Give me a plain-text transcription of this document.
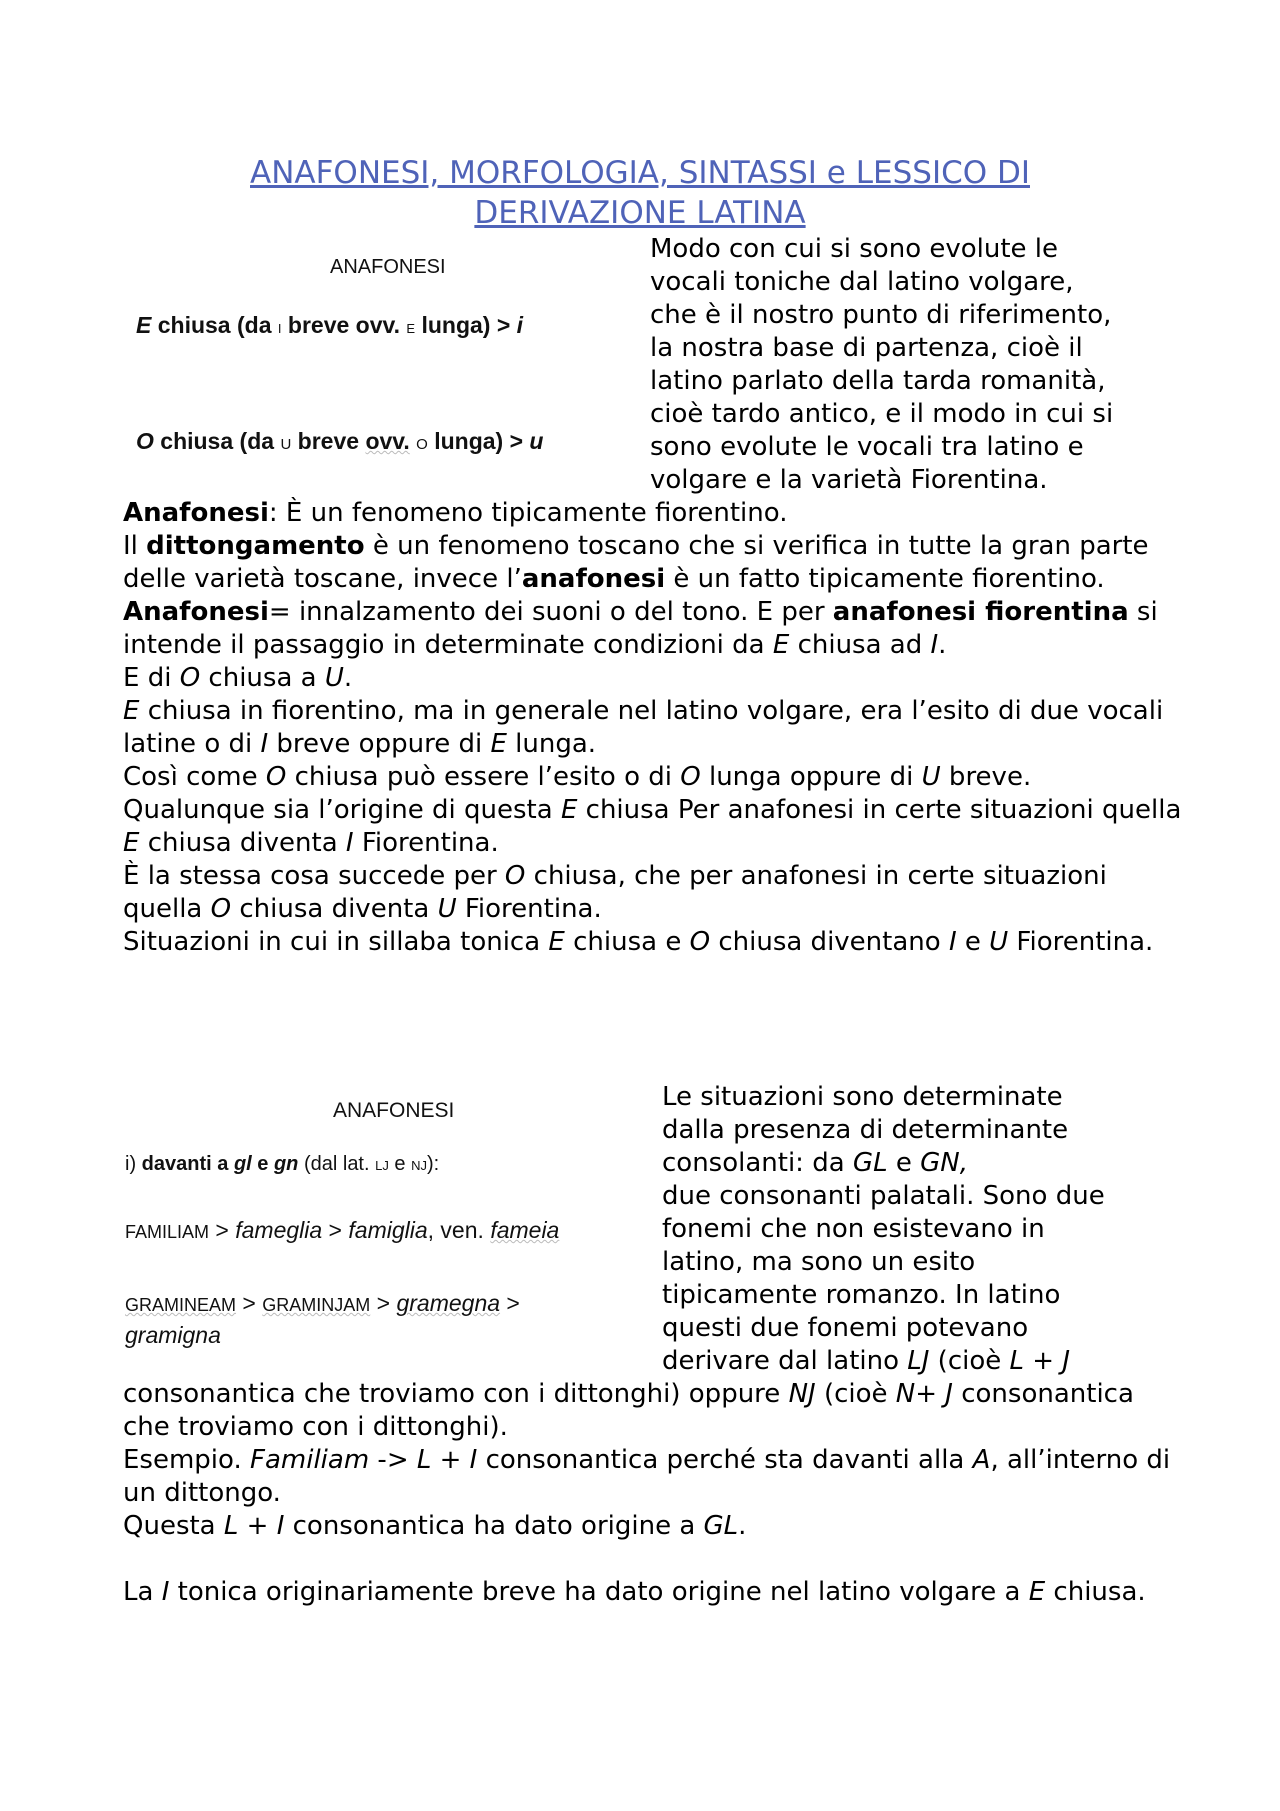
ANAFONESI, MORFOLOGIA, SINTASSI e LESSICO DI
DERIVAZIONE LATINA
ANAFONESI
E chiusa (da I breve ovv. E lunga) > i
O chiusa (da U breve ovv. O lunga) > u

Modo con cui si sono evolute le

vocali toniche dal latino volgare,

che è il nostro punto di riferimento,

la nostra base di partenza, cioè il

latino parlato della tarda romanità,

cioè tardo antico, e il modo in cui si

sono evolute le vocali tra latino e

volgare e la varietà Fiorentina.

Anafonesi: È un fenomeno tipicamente fiorentino.

Il dittongamento è un fenomeno toscano che si verifica in tutte la gran parte delle varietà toscane, invece l’anafonesi è un fatto tipicamente fiorentino.

Anafonesi= innalzamento dei suoni o del tono. E per anafonesi fiorentina si intende il passaggio in determinate condizioni da E chiusa ad I.

E di O chiusa a U.

E chiusa in fiorentino, ma in generale nel latino volgare, era l’esito di due vocali latine o di I breve oppure di E lunga.

Così come O chiusa può essere l’esito o di O lunga oppure di U breve.

Qualunque sia l’origine di questa E chiusa Per anafonesi in certe situazioni quella E chiusa diventa I Fiorentina.

È la stessa cosa succede per O chiusa, che per anafonesi in certe situazioni quella O chiusa diventa U Fiorentina.

Situazioni in cui in sillaba tonica E chiusa e O chiusa diventano I e U Fiorentina.

ANAFONESI
i) davanti a gl e gn (dal lat. LJ e NJ):
FAMILIAM > fameglia > famiglia, ven. fameia
GRAMINEAM > GRAMINJAM > gramegna >
gramigna

Le situazioni sono determinate

dalla presenza di determinante

consolanti: da GL e GN,

due consonanti palatali. Sono due

fonemi che non esistevano in

latino, ma sono un esito

tipicamente romanzo. In latino

questi due fonemi potevano

derivare dal latino LJ (cioè L + J

consonantica che troviamo con i dittonghi) oppure NJ (cioè N+ J consonantica che troviamo con i dittonghi).

Esempio. Familiam -> L + I consonantica perché sta davanti alla A, all’interno di un dittongo.

Questa L + I consonantica ha dato origine a GL.

La I tonica originariamente breve ha dato origine nel latino volgare a E chiusa.
